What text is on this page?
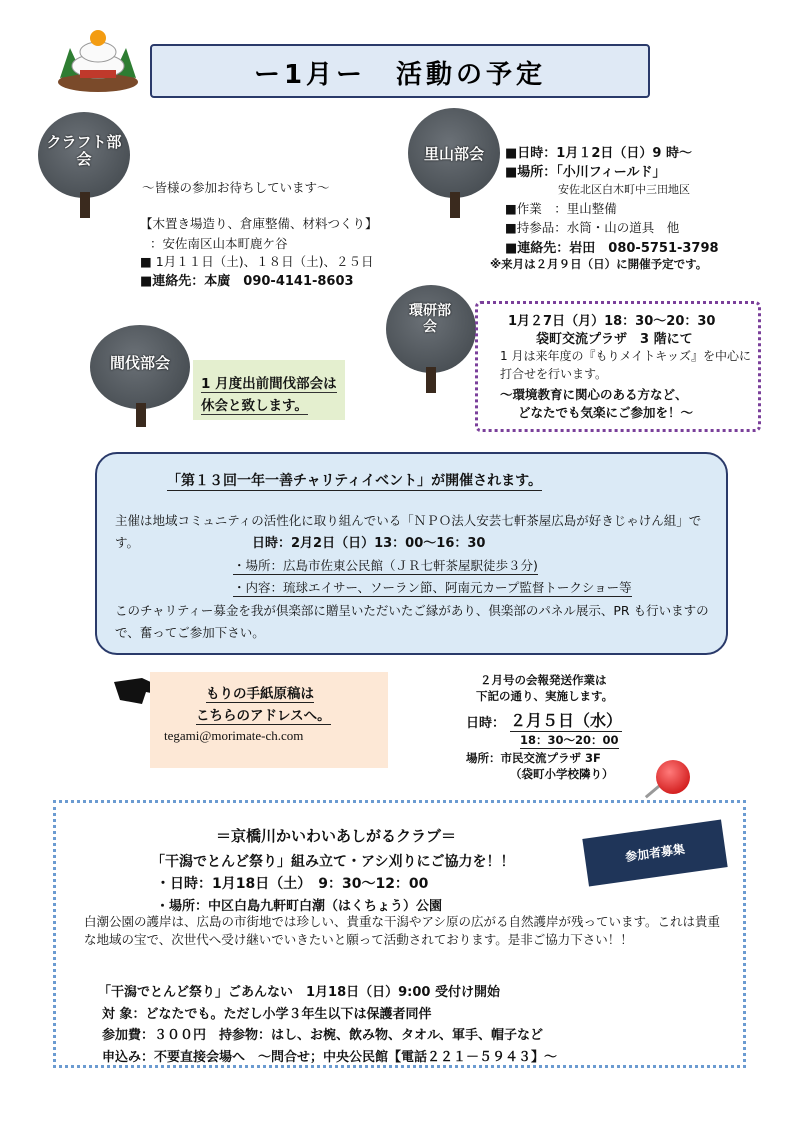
ー1月ー　活動の予定
クラフト部会
～皆様の参加お待ちしています～
【木置き場造り、倉庫整備、材料つくり】
：安佐南区山本町鹿ケ谷
■ 1月１１日（土)、１８日（土)、２５日
■連絡先：本廣　090-4141-8603
里山部会	■日時：1月１2日（日）9 時～
■場所：「小川フィールド」
安佐北区白木町中三田地区
■作業　：里山整備
■持参品：水筒・山の道具　他
■連絡先：岩田　080-5751-3798
※来月は２月９日（日）に開催予定です。
環研部会	1月２7日（月）18：30～20：30
袋町交流プラザ　3 階にて
1 月は来年度の『もりメイトキッズ』を中心に打合せを行います。
～環境教育に関心のある方など、
どなたでも気楽にご参加を！～
間伐部会
1 月度出前間伐部会は
休会と致します。
「第１３回一年一善チャリティイベント」が開催されます。
主催は地域コミュニティの活性化に取り組んでいる「ＮＰＯ法人安芸七軒茶屋広島が好きじゃけん組」です。	日時：2月2日（日）13：00～16：30
・場所：広島市佐東公民館（ＪＲ七軒茶屋駅徒歩３分)
・内容：琉球エイサー、ソーラン節、阿南元カープ監督トークショー等
このチャリティー募金を我が倶楽部に贈呈いただいたご縁があり、倶楽部のパネル展示、PR も行いますので、奮ってご参加下さい。
もりの手紙原稿は
こちらのアドレスへ。
tegami@morimate-ch.com
２月号の会報発送作業は
下記の通り、実施します。
日時： ２月５日（水）
18：30～20：00
場所：市民交流プラザ 3F
（袋町小学校隣り）
＝京橋川かいわいあしがるクラブ＝
「干潟でとんど祭り」組み立て・アシ刈りにご協力を！！
・日時：1月18日（土）　9：30～12：00
・場所：中区白島九軒町白潮（はくちょう）公園
白潮公園の護岸は、広島の市街地では珍しい、貴重な干潟やアシ原の広がる自然護岸が残っています。これは貴重な地域の宝で、次世代へ受け継いでいきたいと願って活動されております。是非ご協力下さい！！
「干潟でとんど祭り」ごあんない　1月18日（日）9:00 受付け開始
対 象：どなたでも。ただし小学３年生以下は保護者同伴
参加費：３００円　持参物：はし、お椀、飲み物、タオル、軍手、帽子など
申込み：不要直接会場へ　～問合せ；中央公民館【電話２２１－５９４３】～
参加者募集
